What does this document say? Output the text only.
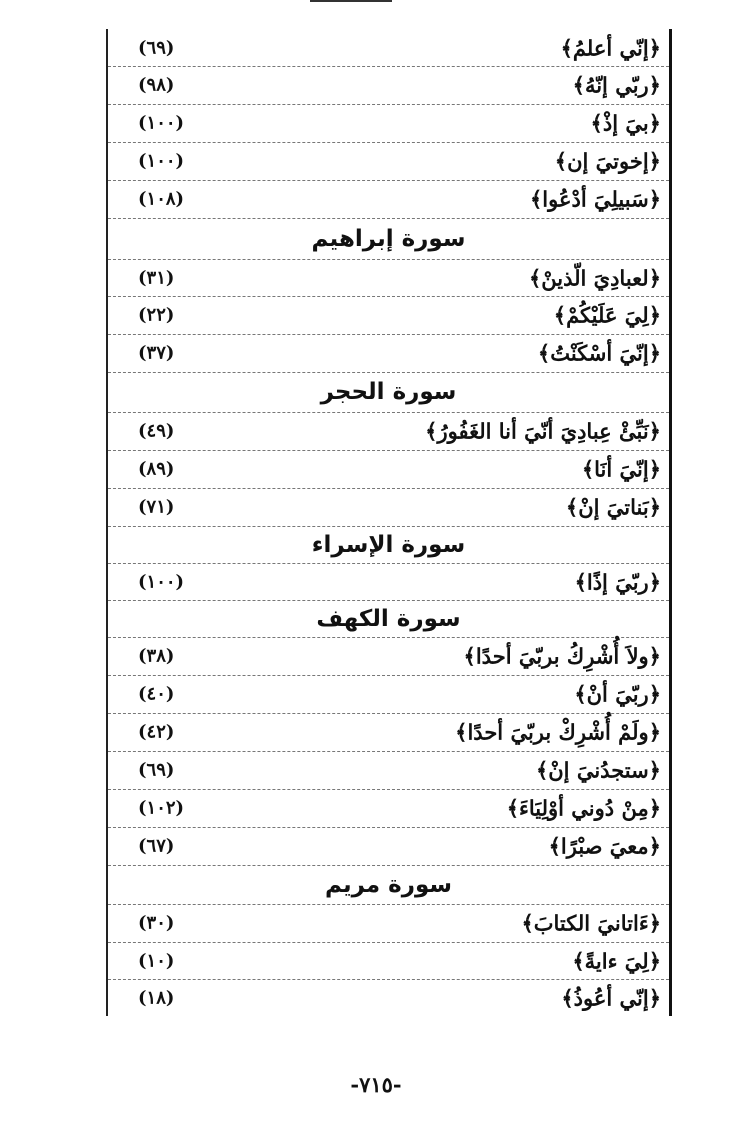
﴿إنّي أعلمُ﴾
(٦٩)
﴿ربّي إنّهُ﴾
(٩٨)
﴿بيَ إذْ﴾
(١٠٠)
﴿إخوتيَ إن﴾
(١٠٠)
﴿سَبيلِيَ أدْعُوا﴾
(١٠٨)
سورة إبراهيم
﴿لعبادِيَ الّذينْ﴾
(٣١)
﴿لِيَ عَلَيْكُمْ﴾
(٢٢)
﴿إنّيَ أسْكَنْتُ﴾
(٣٧)
سورة الحجر
﴿نَبِّئْ عِبادِيَ أنّيَ أنا الغَفُورُ﴾
(٤٩)
﴿إنّيَ أنَا﴾
(٨٩)
﴿بَناتيَ إنْ﴾
(٧١)
سورة الإسراء
﴿ربّيَ إذًا﴾
(١٠٠)
سورة الكهف
﴿ولاَ أُشْرِكُ بربّيَ أحدًا﴾
(٣٨)
﴿ربّيَ أنْ﴾
(٤٠)
﴿ولَمْ أُشْرِكْ بربّيَ أحدًا﴾
(٤٢)
﴿ستجدُنيَ إنْ﴾
(٦٩)
﴿مِنْ دُوني أوْلِيَاءَ﴾
(١٠٢)
﴿معيَ صبْرًا﴾
(٦٧)
سورة مريم
﴿ءَاتانيَ الكتابَ﴾
(٣٠)
﴿لِيَ ءايةً﴾
(١٠)
﴿إنّي أعُوذُ﴾
(١٨)
-٧١٥-
